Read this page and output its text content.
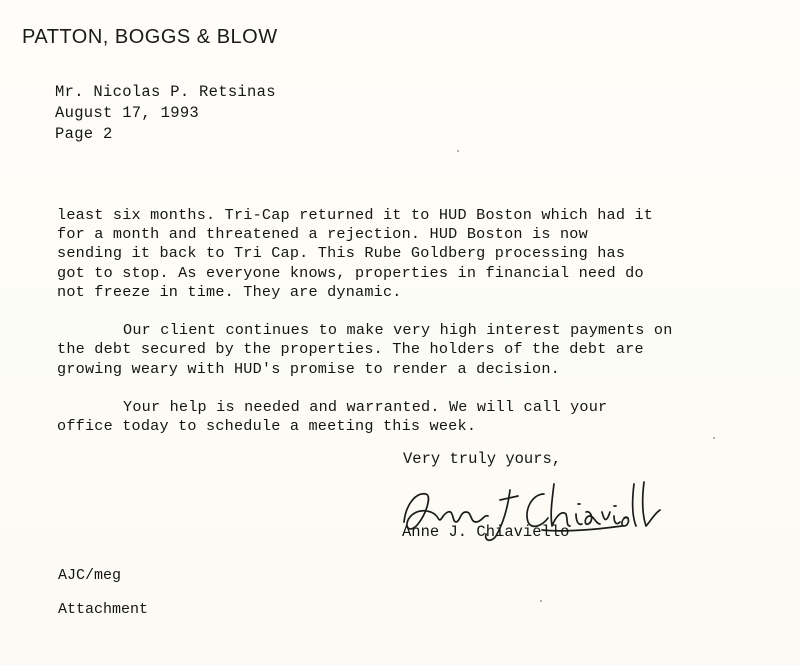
PATTON, BOGGS & BLOW
Mr. Nicolas P. Retsinas
August 17, 1993
Page 2

least six months. Tri-Cap returned it to HUD Boston which had it
for a month and threatened a rejection. HUD Boston is now
sending it back to Tri Cap. This Rube Goldberg processing has
got to stop. As everyone knows, properties in financial need do
not freeze in time. They are dynamic.

Our client continues to make very high interest payments on
the debt secured by the properties. The holders of the debt are
growing weary with HUD's promise to render a decision.

Your help is needed and warranted. We will call your
office today to schedule a meeting this week.

Very truly yours,
Anne J. Chiaviello
AJC/meg
Attachment
